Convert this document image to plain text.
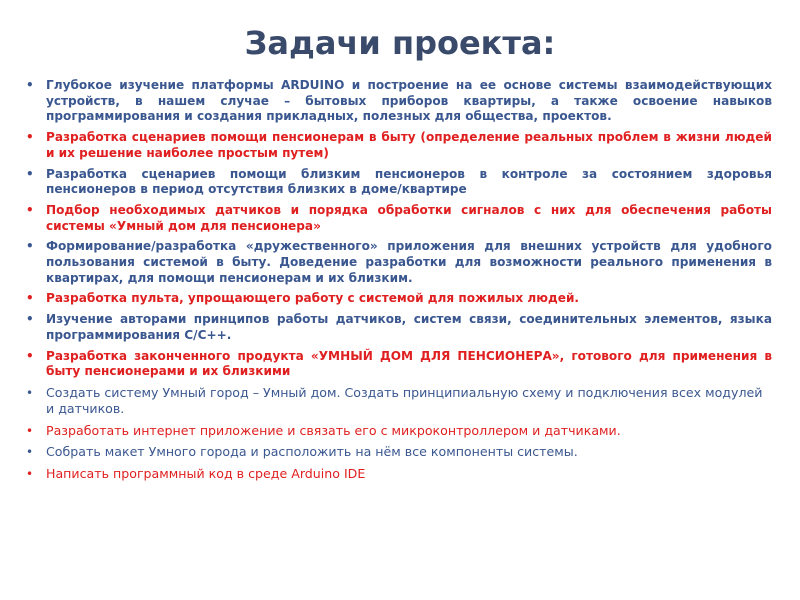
Задачи проекта:
• Глубокое изучение платформы ARDUINO и построение на ее основе системы взаимодействующих устройств, в нашем случае – бытовых приборов квартиры, а также освоение навыков программирования и создания прикладных, полезных для общества, проектов.
• Разработка сценариев помощи пенсионерам в быту (определение реальных проблем в жизни людей и их решение наиболее простым путем)
• Разработка сценариев помощи близким пенсионеров в контроле за состоянием здоровья пенсионеров в период отсутствия близких в доме/квартире
• Подбор необходимых датчиков и порядка обработки сигналов с них для обеспечения работы системы «Умный дом для пенсионера»
• Формирование/разработка «дружественного» приложения для внешних устройств для удобного пользования системой в быту. Доведение разработки для возможности реального применения в квартирах, для помощи пенсионерам и их близким.
• Разработка пульта, упрощающего работу с системой для пожилых людей.
• Изучение авторами принципов работы датчиков, систем связи, соединительных элементов, языка программирования C/C++.
• Разработка законченного продукта «УМНЫЙ ДОМ ДЛЯ ПЕНСИОНЕРА», готового для применения в быту пенсионерами и их близкими
• Создать систему Умный город – Умный дом. Создать принципиальную схему и подключения всех модулей и датчиков.
• Разработать интернет приложение и связать его с микроконтроллером и датчиками.
• Собрать макет Умного города и расположить на нём все компоненты системы.
• Написать программный код в среде Arduino IDE
